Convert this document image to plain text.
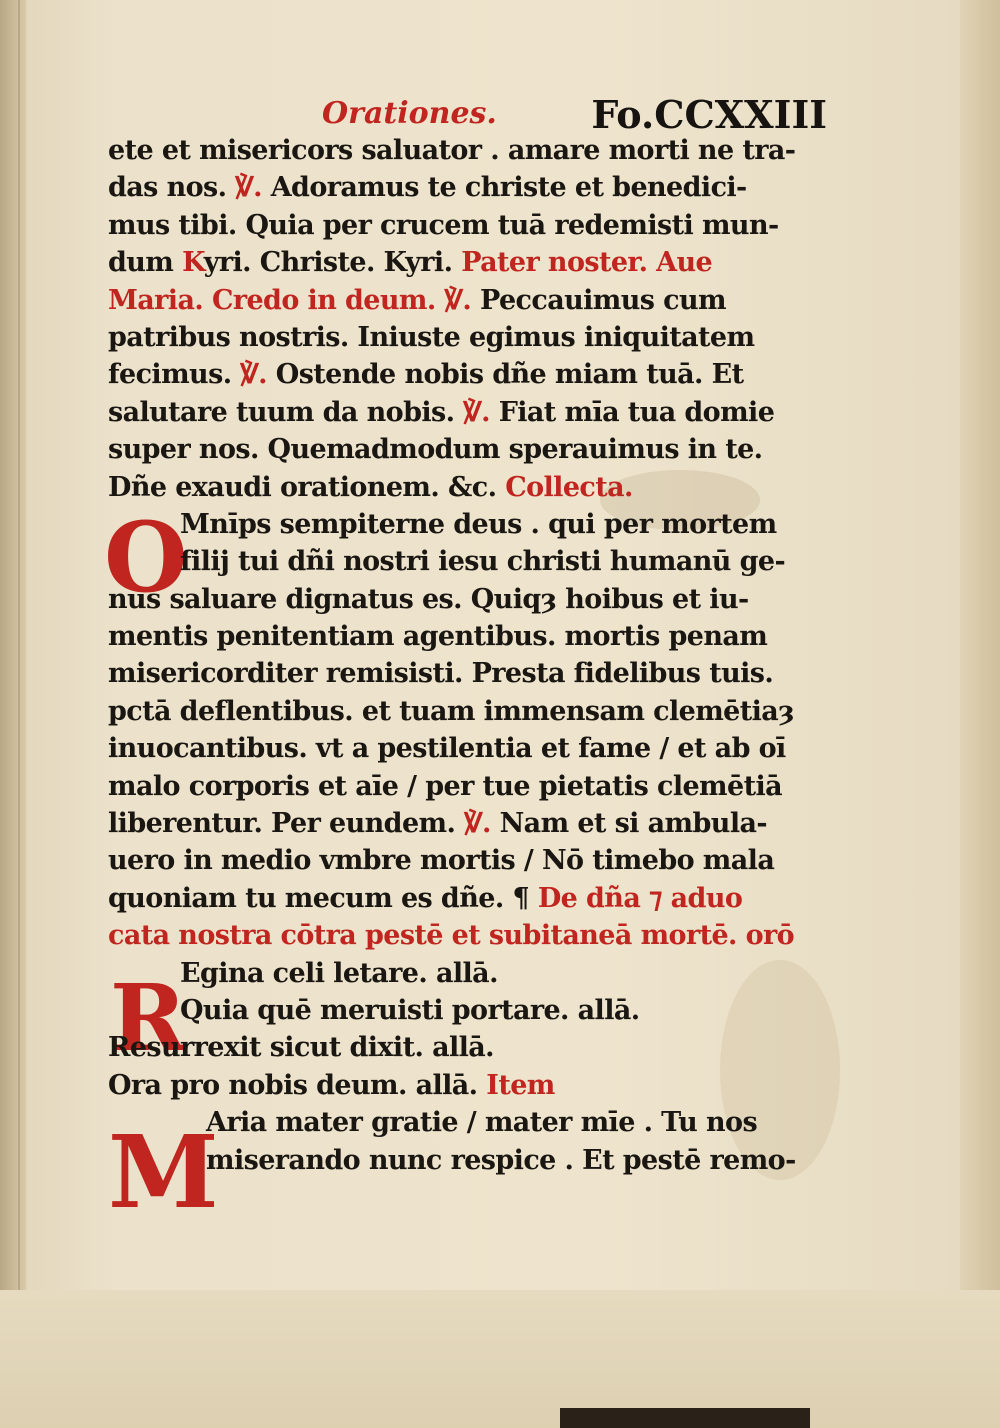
Orationes. Fo.CCXXIII
O
R
M
ete et misericors saluator . amare morti ne tra-
das nos. ℣. Adoramus te christe et benedici-
mus tibi. Quia per crucem tuā redemisti mun-
dum Kyri. Christe. Kyri. Pater noster. Aue
Maria. Credo in deum. ℣. Peccauimus cum
patribus nostris. Iniuste egimus iniquitatem
fecimus. ℣. Ostende nobis dñe miam tuā. Et
salutare tuum da nobis. ℣. Fiat mīa tua domie
super nos. Quemadmodum sperauimus in te.
Dñe exaudi orationem. &c. Collecta.
Mnīps sempiterne deus . qui per mortem
filij tui dñi nostri iesu christi humanū ge-
nus saluare dignatus es. Quiqȝ hoibus et iu-
mentis penitentiam agentibus. mortis penam
misericorditer remisisti. Presta fidelibus tuis.
pctā deflentibus. et tuam immensam clemētiaȝ
inuocantibus. vt a pestilentia et fame / et ab oī
malo corporis et aīe / per tue pietatis clemētiā
liberentur. Per eundem. ℣. Nam et si ambula-
uero in medio vmbre mortis / Nō timebo mala
quoniam tu mecum es dñe. ¶ De dña ⁊ aduo
cata nostra cōtra pestē et subitaneā mortē. orō
Egina celi letare. allā.
Quia quē meruisti portare. allā.
Resurrexit sicut dixit. allā.
Ora pro nobis deum. allā. Item
Aria mater gratie / mater mīe . Tu nos
miserando nunc respice . Et pestē remo-
